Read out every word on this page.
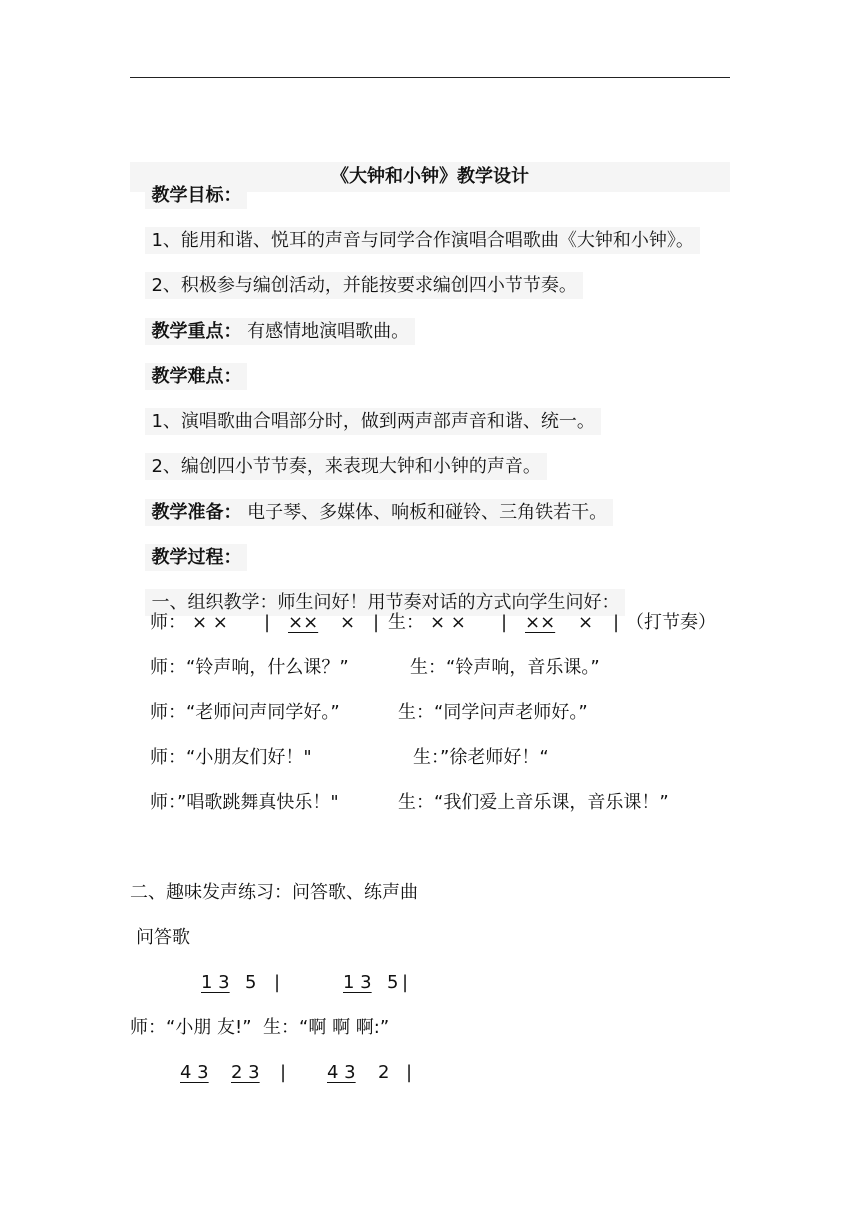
《大钟和小钟》教学设计

教学目标：

1、能用和谐、悦耳的声音与同学合作演唱合唱歌曲《大钟和小钟》。

2、积极参与编创活动，并能按要求编创四小节节奏。

教学重点： 有感情地演唱歌曲。

教学难点：

1、演唱歌曲合唱部分时，做到两声部声音和谐、统一。

2、编创四小节节奏，来表现大钟和小钟的声音。

教学准备： 电子琴、多媒体、响板和碰铃、三角铁若干。

教学过程：

一、组织教学：师生问好！用节奏对话的方式向学生问好：

师： × × | ×× × | 生： × × | ×× × | （打节奏）
师：“铃声响，什么课？”	生：“铃声响，音乐课。”
师：“老师问声同学好。”	生：“同学问声老师好。”
师：“小朋友们好！"	生：”徐老师好！“
师：”唱歌跳舞真快乐！"	生：“我们爱上音乐课，音乐课！”
二、趣味发声练习：问答歌、练声曲
问答歌
1 3 5 |	1 3 5 |
师：“小朋 友!”  生：“啊 啊 啊:”
4 3 2 3 | 4 3 2 |
